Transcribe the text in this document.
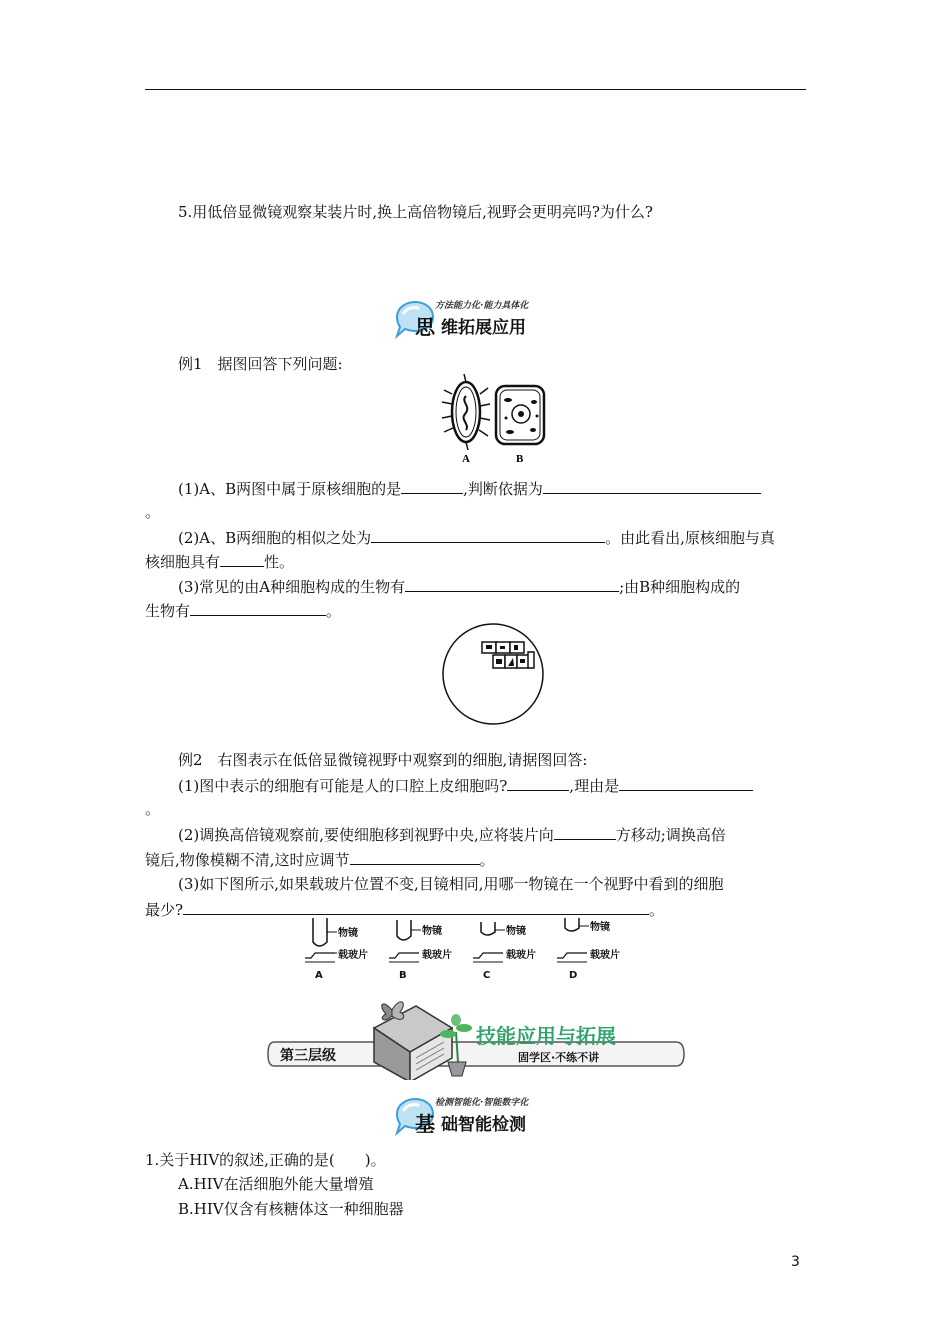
5.用低倍显微镜观察某装片时,换上高倍物镜后,视野会更明亮吗?为什么?
方法能力化·能力具体化
思 维拓展应用
例1　据图回答下列问题:
A	B
(1)A、B两图中属于原核细胞的是	,判断依据为
。
(2)A、B两细胞的相似之处为	。由此看出,原核细胞与真
核细胞具有	性。
(3)常见的由A种细胞构成的生物有	;由B种细胞构成的
生物有	。
例2　右图表示在低倍显微镜视野中观察到的细胞,请据图回答:
(1)图中表示的细胞有可能是人的口腔上皮细胞吗?	,理由是
。
(2)调换高倍镜观察前,要使细胞移到视野中央,应将装片向	方移动;调换高倍
镜后,物像模糊不清,这时应调节	。
(3)如下图所示,如果载玻片位置不变,目镜相同,用哪一物镜在一个视野中看到的细胞
最少?	。
物镜
载玻片
A
物镜
载玻片
B
物镜
载玻片
C
物镜
载玻片
D
第三层级
技能应用与拓展
固学区·不练不讲
检测智能化·智能数字化
基 础智能检测
1.关于HIV的叙述,正确的是(　　)。
A.HIV在活细胞外能大量增殖
B.HIV仅含有核糖体这一种细胞器
3
